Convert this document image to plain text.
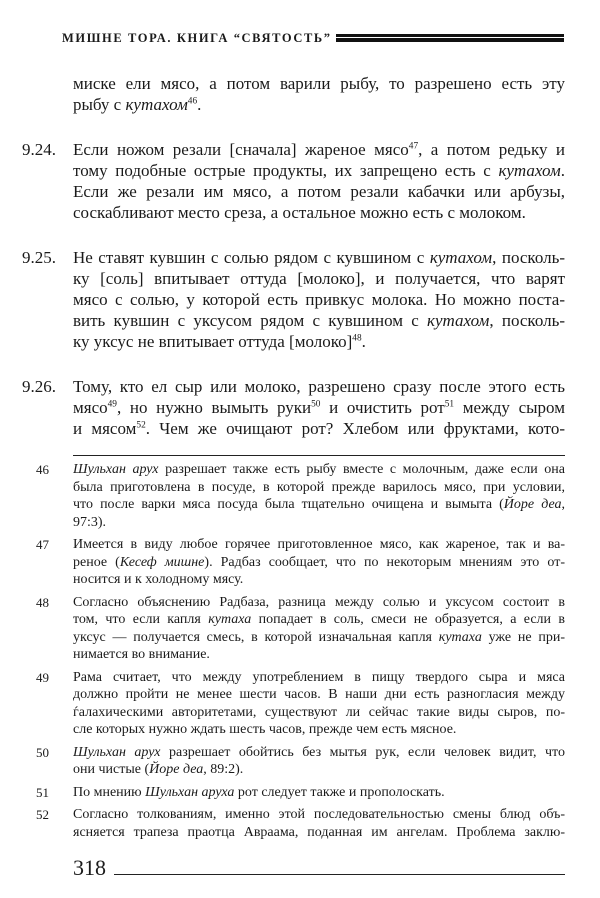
МИШНЕ ТОРА. КНИГА “СВЯТОСТЬ”
миске ели мясо, а потом варили рыбу, то разрешено есть эту
рыбу с кутахом$^{46}$.
9.24. Если ножом резали [сначала] жареное мясо$^{47}$, а потом редьку и
тому подобные острые продукты, их запрещено есть с кутахом.
Если же резали им мясо, а потом резали кабачки или арбузы,
соскабливают место среза, а остальное можно есть с молоком.
9.25. Не ставят кувшин с солью рядом с кувшином с кутахом, посколь-
ку [соль] впитывает оттуда [молоко], и получается, что варят
мясо с солью, у которой есть привкус молока. Но можно поста-
вить кувшин с уксусом рядом с кувшином с кутахом, посколь-
ку уксус не впитывает оттуда [молоко]$^{48}$.
9.26. Тому, кто ел сыр или молоко, разрешено сразу после этого есть
мясо$^{49}$, но нужно вымыть руки$^{50}$ и очистить рот$^{51}$ между сыром
и мясом$^{52}$. Чем же очищают рот? Хлебом или фруктами, кото-
46 Шульхан арух разрешает также есть рыбу вместе с молочным, даже если она
была приготовлена в посуде, в которой прежде варилось мясо, при условии,
что после варки мяса посуда была тщательно очищена и вымыта (Йоре деа,
97:3).
47 Имеется в виду любое горячее приготовленное мясо, как жареное, так и ва-
реное (Кесеф мишне). Радбаз сообщает, что по некоторым мнениям это от-
носится и к холодному мясу.
48 Согласно объяснению Радбаза, разница между солью и уксусом состоит в
том, что если капля кутаха попадает в соль, смеси не образуется, а если в
уксус — получается смесь, в которой изначальная капля кутаха уже не при-
нимается во внимание.
49 Рама считает, что между употреблением в пищу твердого сыра и мяса
должно пройти не менее шести часов. В наши дни есть разногласия между
ѓалахическими авторитетами, существуют ли сейчас такие виды сыров, по-
сле которых нужно ждать шесть часов, прежде чем есть мясное.
50 Шульхан арух разрешает обойтись без мытья рук, если человек видит, что
они чистые (Йоре деа, 89:2).
51 По мнению Шульхан аруха рот следует также и прополоскать.
52 Согласно толкованиям, именно этой последовательностью смены блюд объ-
ясняется трапеза праотца Авраама, поданная им ангелам. Проблема заклю-
318
